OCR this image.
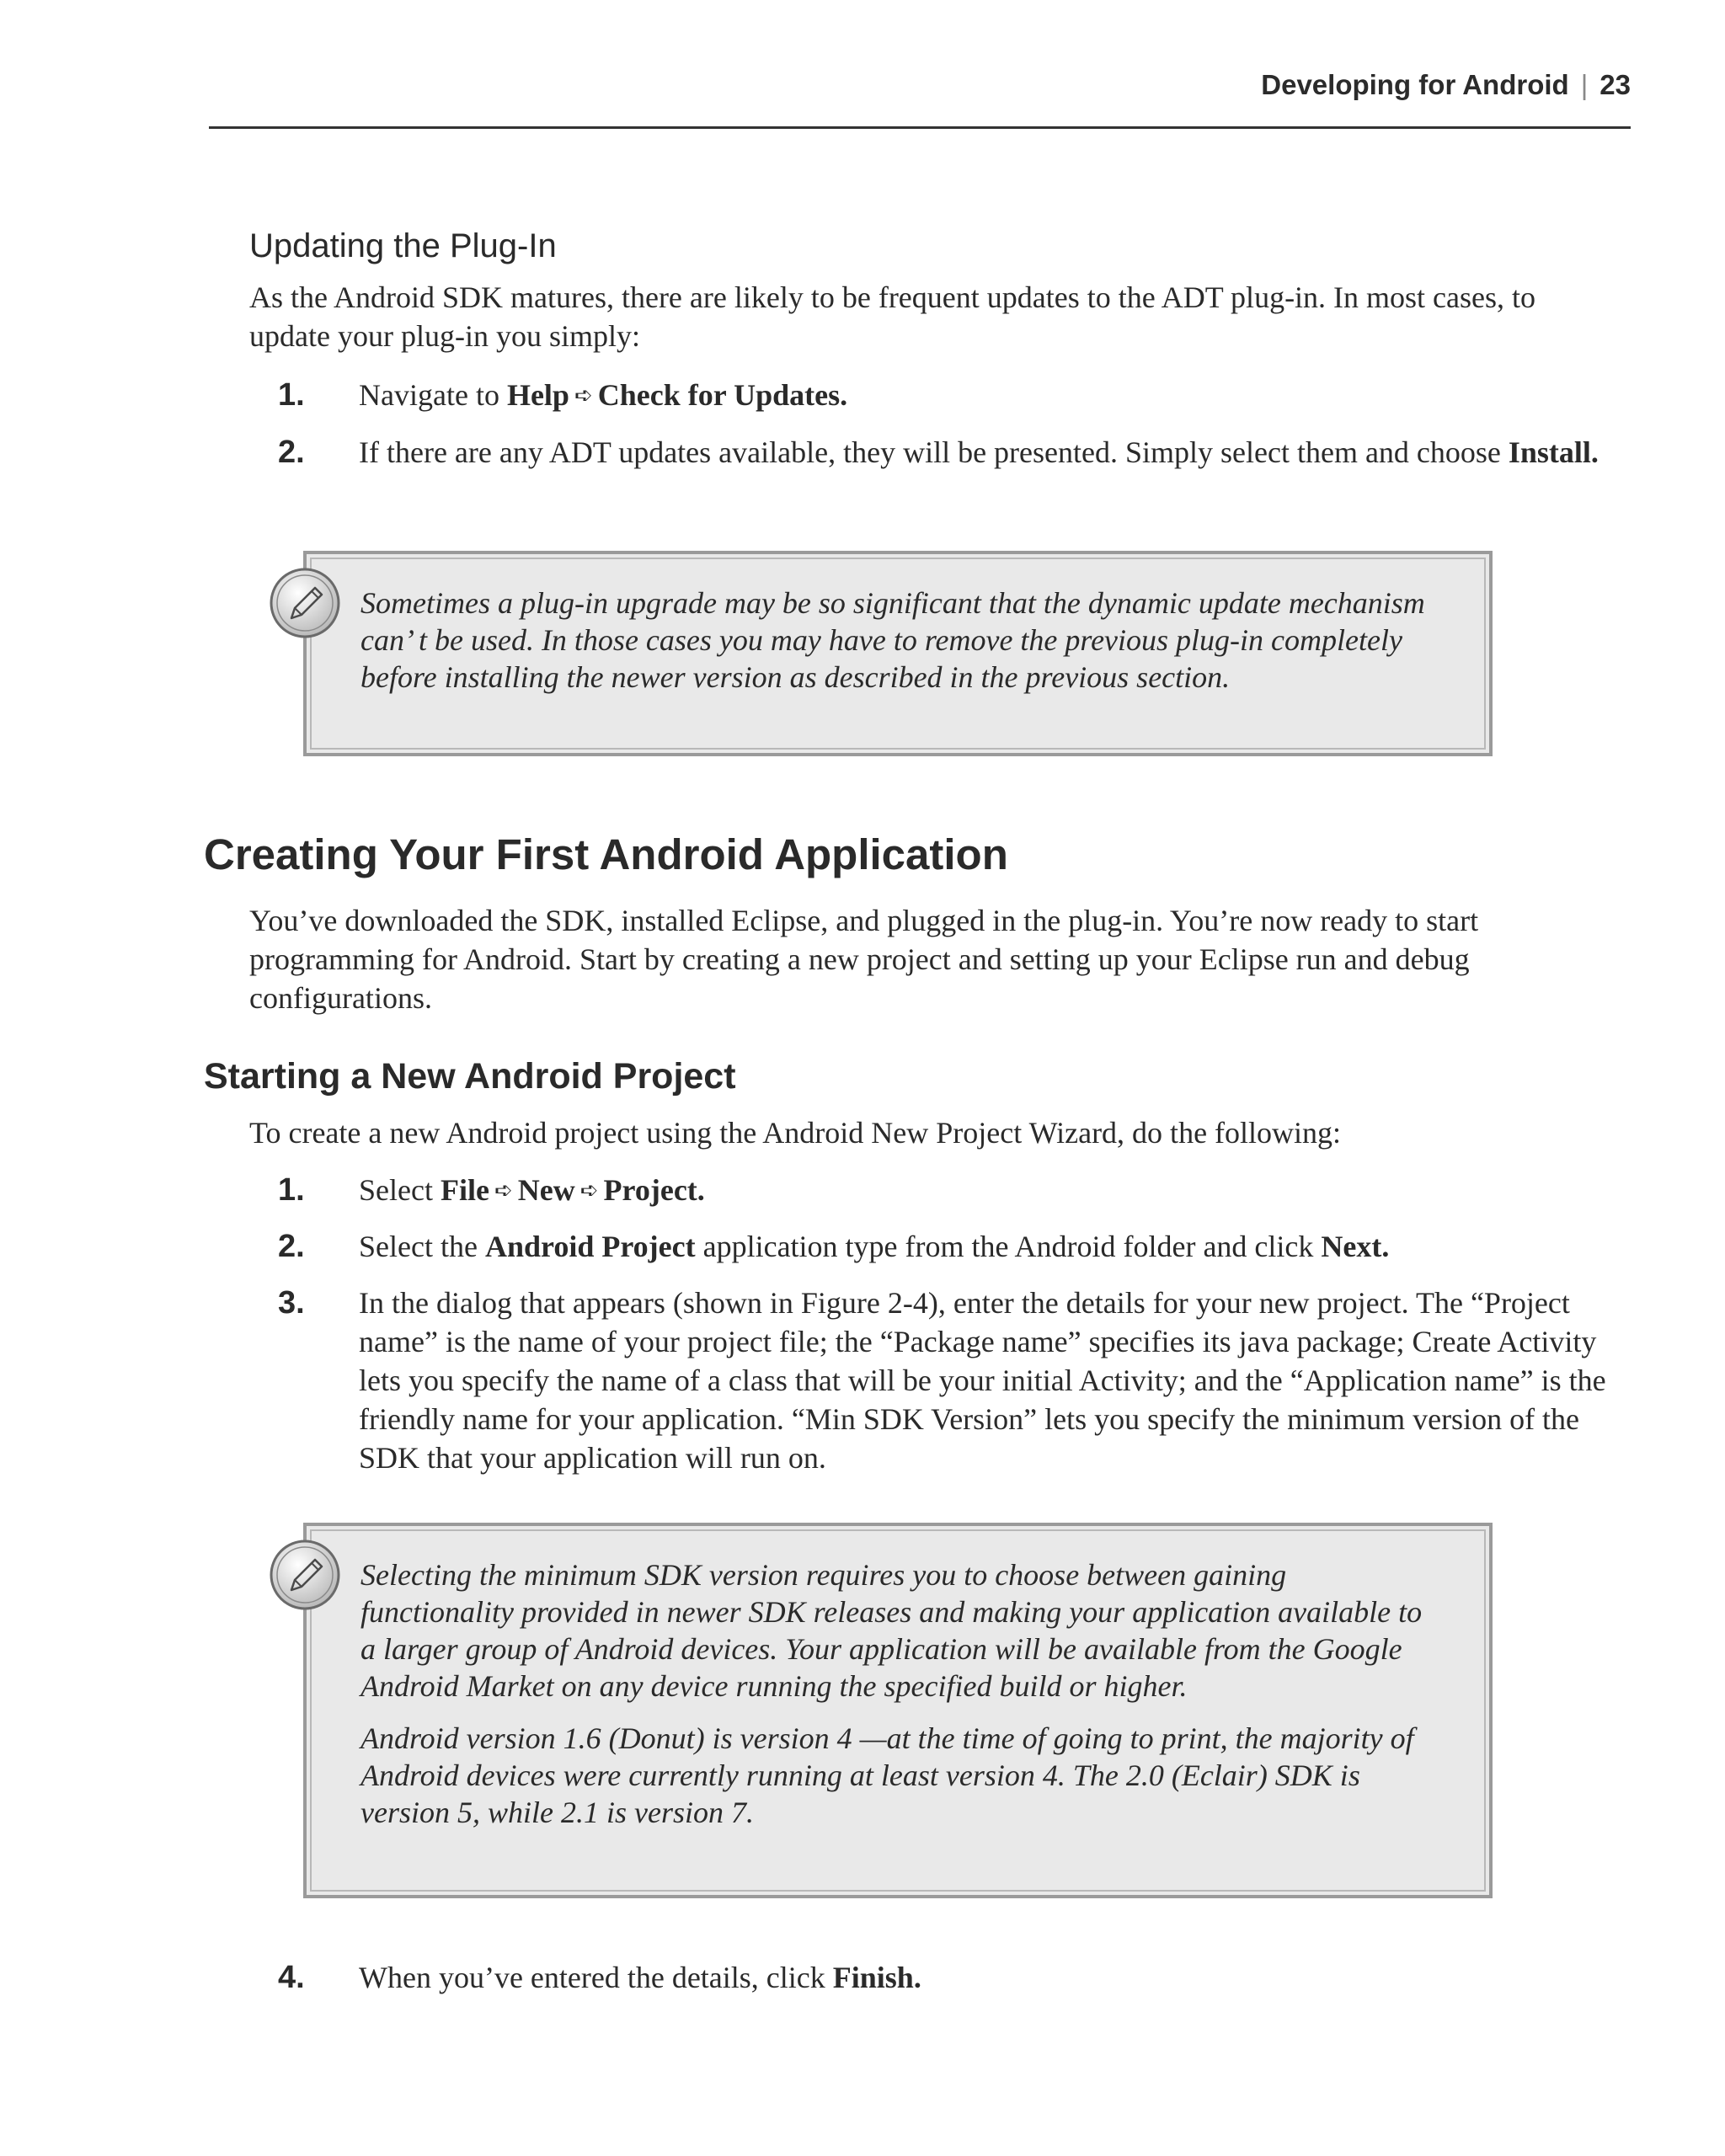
Developing for Android | 23
Updating the Plug-In

As the Android SDK matures, there are likely to be frequent updates to the ADT plug-in. In most cases, to update your plug-in you simply:

1. Navigate to Help ➪ Check for Updates.
2. If there are any ADT updates available, they will be presented. Simply select them and choose Install.

Sometimes a plug-in upgrade may be so significant that the dynamic update mechanism can’ t be used. In those cases you may have to remove the previous plug-in completely before installing the newer version as described in the previous section.

Creating Your First Android Application

You’ve downloaded the SDK, installed Eclipse, and plugged in the plug-in. You’re now ready to start programming for Android. Start by creating a new project and setting up your Eclipse run and debug configurations.

Starting a New Android Project

To create a new Android project using the Android New Project Wizard, do the following:

1. Select File ➪ New ➪ Project.
2. Select the Android Project application type from the Android folder and click Next.
3. In the dialog that appears (shown in Figure 2-4), enter the details for your new project. The “Project name” is the name of your project file; the “Package name” specifies its java package; Create Activity lets you specify the name of a class that will be your initial Activity; and the “Application name” is the friendly name for your application. “Min SDK Version” lets you specify the minimum version of the SDK that your application will run on.

Selecting the minimum SDK version requires you to choose between gaining functionality provided in newer SDK releases and making your application available to a larger group of Android devices. Your application will be available from the Google Android Market on any device running the specified build or higher.

Android version 1.6 (Donut) is version 4 —at the time of going to print, the majority of Android devices were currently running at least version 4. The 2.0 (Eclair) SDK is version 5, while 2.1 is version 7.

4. When you’ve entered the details, click Finish.
